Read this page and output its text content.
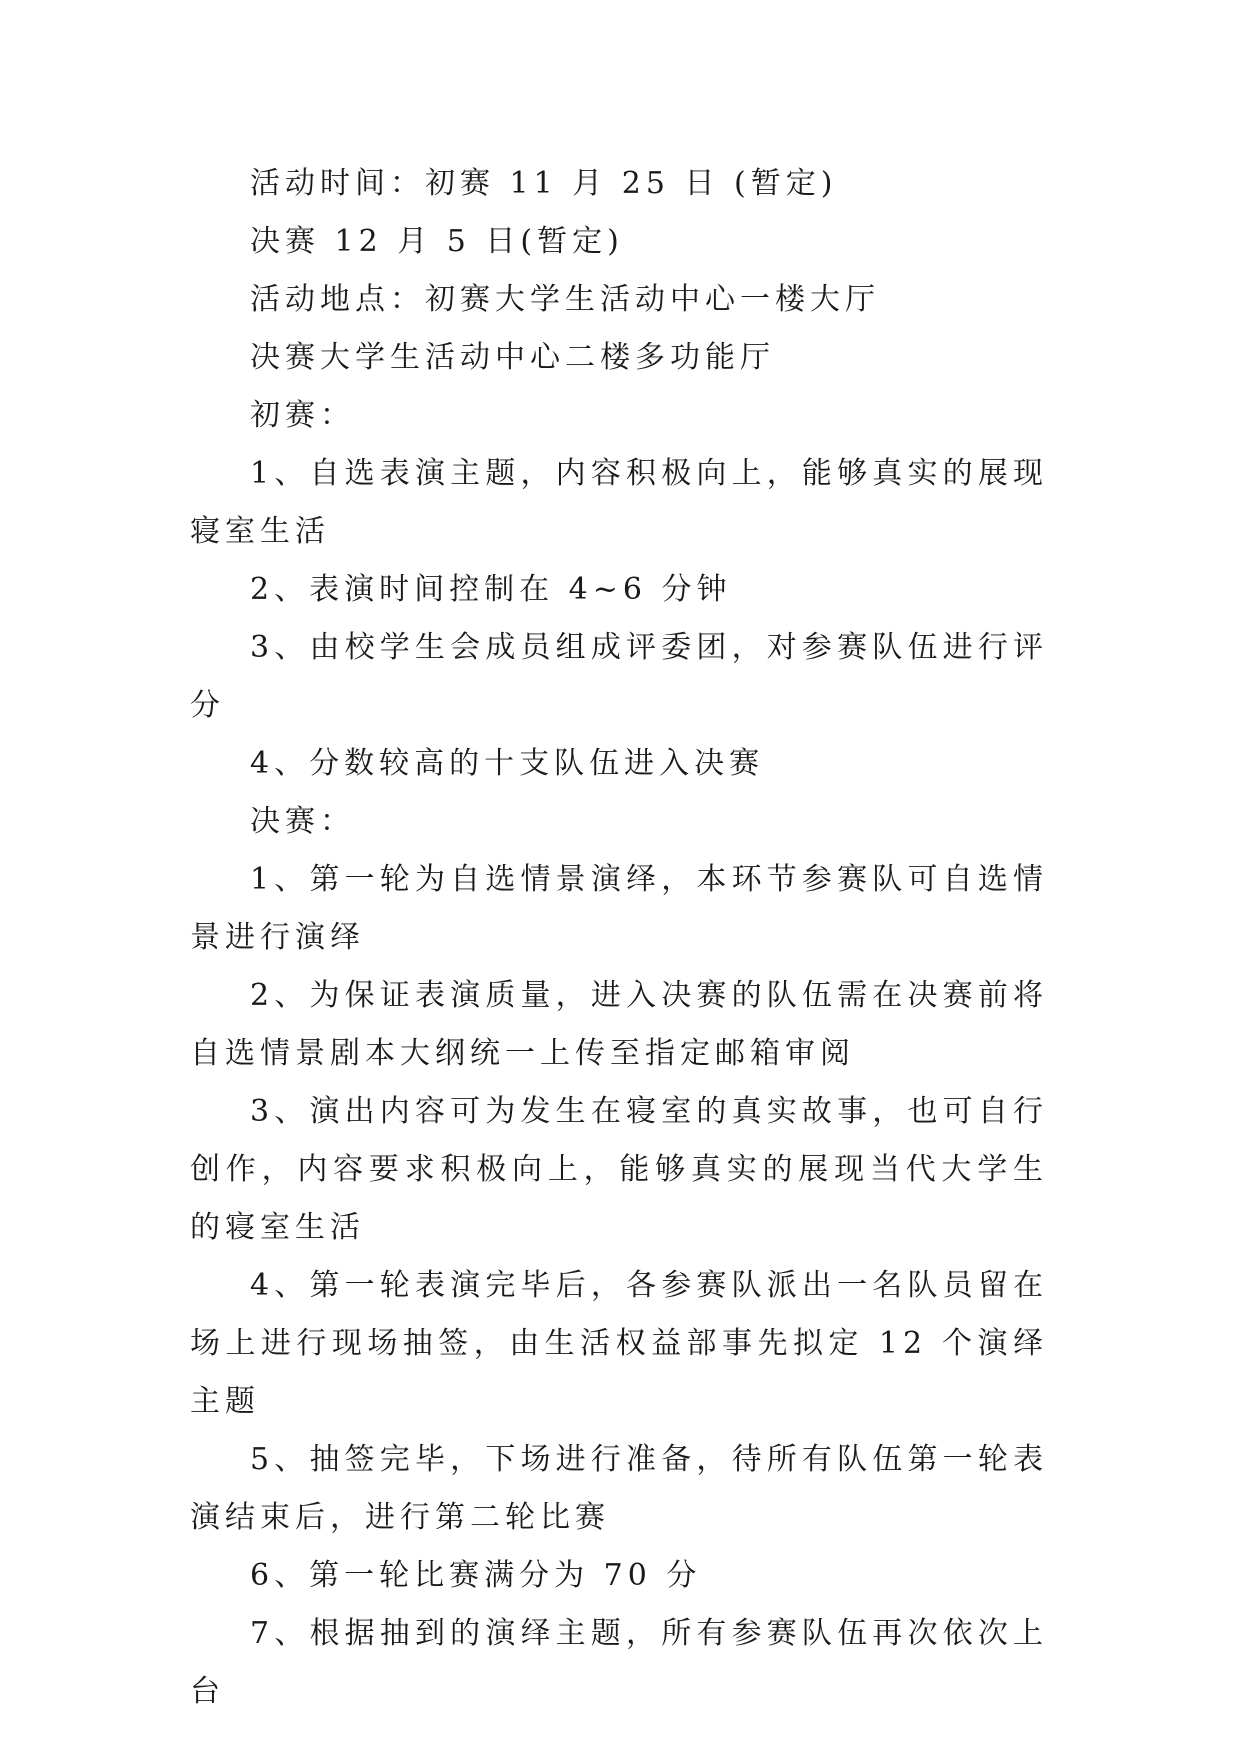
活动时间：初赛 11 月 25 日 (暂定)

决赛 12 月 5 日(暂定)

活动地点：初赛大学生活动中心一楼大厅

决赛大学生活动中心二楼多功能厅

初赛：

1、自选表演主题，内容积极向上，能够真实的展现寝室生活

2、表演时间控制在 4~6 分钟

3、由校学生会成员组成评委团，对参赛队伍进行评分

4、分数较高的十支队伍进入决赛

决赛：

1、第一轮为自选情景演绎，本环节参赛队可自选情景进行演绎

2、为保证表演质量，进入决赛的队伍需在决赛前将自选情景剧本大纲统一上传至指定邮箱审阅

3、演出内容可为发生在寝室的真实故事，也可自行创作，内容要求积极向上，能够真实的展现当代大学生的寝室生活

4、第一轮表演完毕后，各参赛队派出一名队员留在场上进行现场抽签，由生活权益部事先拟定 12 个演绎主题

5、抽签完毕，下场进行准备，待所有队伍第一轮表演结束后，进行第二轮比赛

6、第一轮比赛满分为 70 分

7、根据抽到的演绎主题，所有参赛队伍再次依次上台
